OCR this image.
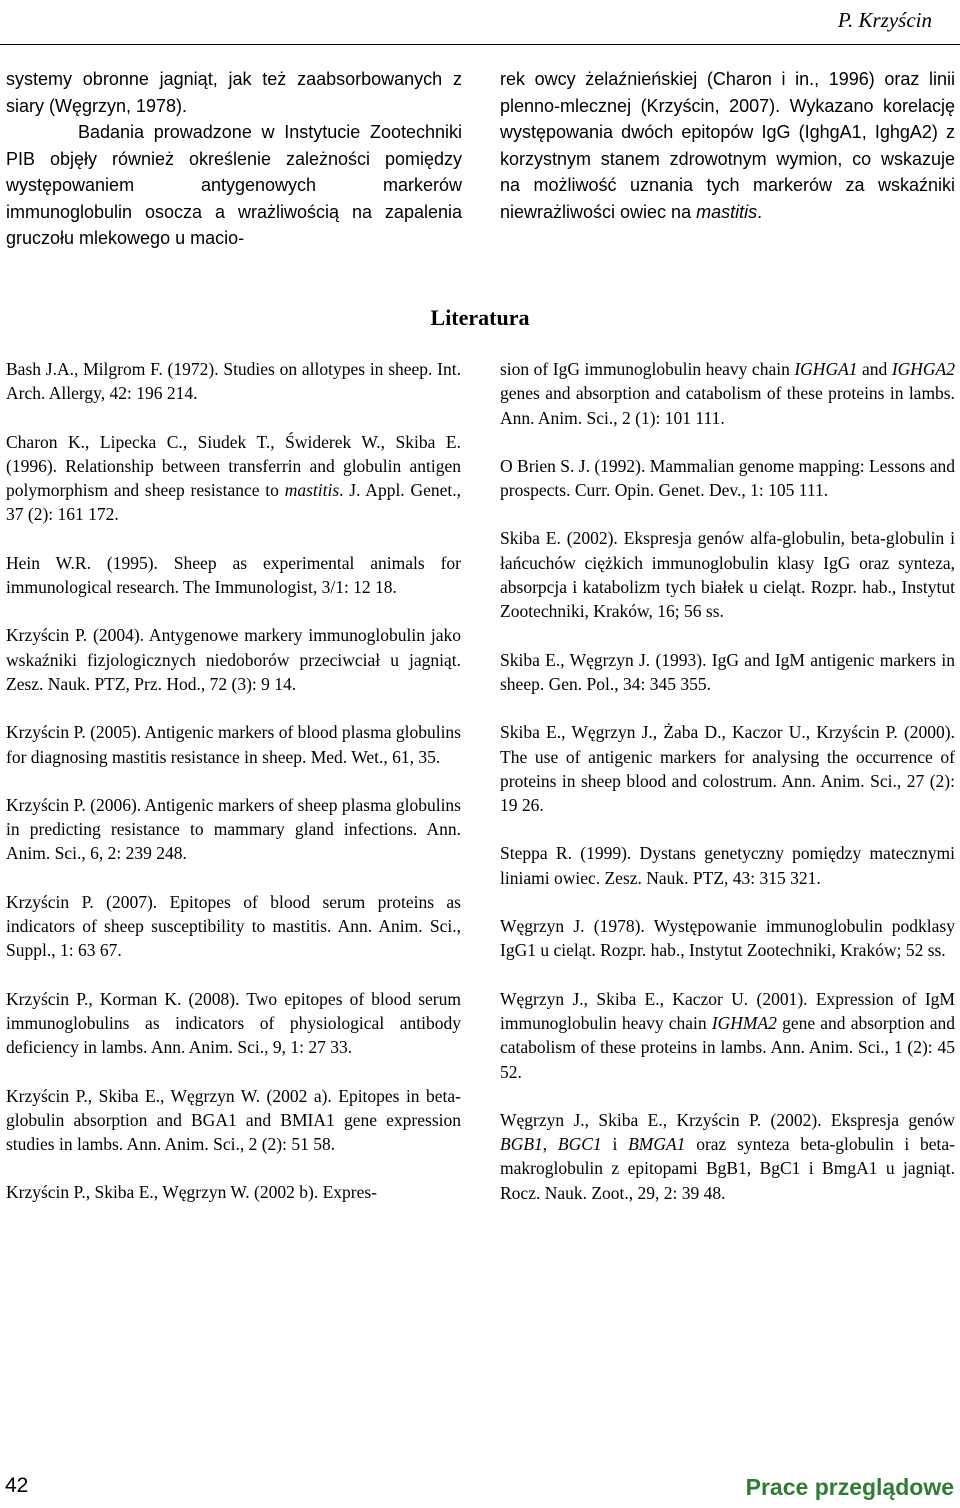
P. Krzyścin

systemy obronne jagniąt, jak też zaabsorbowanych z siary (Węgrzyn, 1978).

Badania prowadzone w Instytucie Zootechniki PIB objęły również określenie zależności pomiędzy występowaniem antygenowych markerów immunoglobulin osocza a wrażliwością na zapalenia gruczołu mlekowego u macio-

rek owcy żelaźnieńskiej (Charon i in., 1996) oraz linii plenno-mlecznej (Krzyścin, 2007). Wykazano korelację występowania dwóch epitopów IgG (IghgA1, IghgA2) z korzystnym stanem zdrowotnym wymion, co wskazuje na możliwość uznania tych markerów za wskaźniki niewrażliwości owiec na mastitis.

Literatura

Bash J.A., Milgrom F. (1972). Studies on allotypes in sheep. Int. Arch. Allergy, 42: 196 214.

Charon K., Lipecka C., Siudek T., Świderek W., Skiba E. (1996). Relationship between transferrin and globulin antigen polymorphism and sheep resistance to mastitis. J. Appl. Genet., 37 (2): 161 172.

Hein W.R. (1995). Sheep as experimental animals for immunological research. The Immunologist, 3/1: 12 18.

Krzyścin P. (2004). Antygenowe markery immunoglobulin jako wskaźniki fizjologicznych niedoborów przeciwciał u jagniąt. Zesz. Nauk. PTZ, Prz. Hod., 72 (3): 9 14.

Krzyścin P. (2005). Antigenic markers of blood plasma globulins for diagnosing mastitis resistance in sheep. Med. Wet., 61, 35.

Krzyścin P. (2006). Antigenic markers of sheep plasma globulins in predicting resistance to mammary gland infections. Ann. Anim. Sci., 6, 2: 239 248.

Krzyścin P. (2007). Epitopes of blood serum proteins as indicators of sheep susceptibility to mastitis. Ann. Anim. Sci., Suppl., 1: 63 67.

Krzyścin P., Korman K. (2008). Two epitopes of blood serum immunoglobulins as indicators of physiological antibody deficiency in lambs. Ann. Anim. Sci., 9, 1: 27 33.

Krzyścin P., Skiba E., Węgrzyn W. (2002 a). Epitopes in beta-globulin absorption and BGA1 and BMIA1 gene expression studies in lambs. Ann. Anim. Sci., 2 (2): 51 58.

Krzyścin P., Skiba E., Węgrzyn W. (2002 b). Expres-

sion of IgG immunoglobulin heavy chain IGHGA1 and IGHGA2 genes and absorption and catabolism of these proteins in lambs. Ann. Anim. Sci., 2 (1): 101 111.

O Brien S. J. (1992). Mammalian genome mapping: Lessons and prospects. Curr. Opin. Genet. Dev., 1: 105 111.

Skiba E. (2002). Ekspresja genów alfa-globulin, beta-globulin i łańcuchów ciężkich immunoglobulin klasy IgG oraz synteza, absorpcja i katabolizm tych białek u cieląt. Rozpr. hab., Instytut Zootechniki, Kraków, 16; 56 ss.

Skiba E., Węgrzyn J. (1993). IgG and IgM antigenic markers in sheep. Gen. Pol., 34: 345 355.

Skiba E., Węgrzyn J., Żaba D., Kaczor U., Krzyścin P. (2000). The use of antigenic markers for analysing the occurrence of proteins in sheep blood and colostrum. Ann. Anim. Sci., 27 (2): 19 26.

Steppa R. (1999). Dystans genetyczny pomiędzy matecznymi liniami owiec. Zesz. Nauk. PTZ, 43: 315 321.

Węgrzyn J. (1978). Występowanie immunoglobulin podklasy IgG1 u cieląt. Rozpr. hab., Instytut Zootechniki, Kraków; 52 ss.

Węgrzyn J., Skiba E., Kaczor U. (2001). Expression of IgM immunoglobulin heavy chain IGHMA2 gene and absorption and catabolism of these proteins in lambs. Ann. Anim. Sci., 1 (2): 45 52.

Węgrzyn J., Skiba E., Krzyścin P. (2002). Ekspresja genów BGB1, BGC1 i BMGA1 oraz synteza beta-globulin i beta-makroglobulin z epitopami BgB1, BgC1 i BmgA1 u jagniąt. Rocz. Nauk. Zoot., 29, 2: 39 48.

42	Prace przeglądowe
